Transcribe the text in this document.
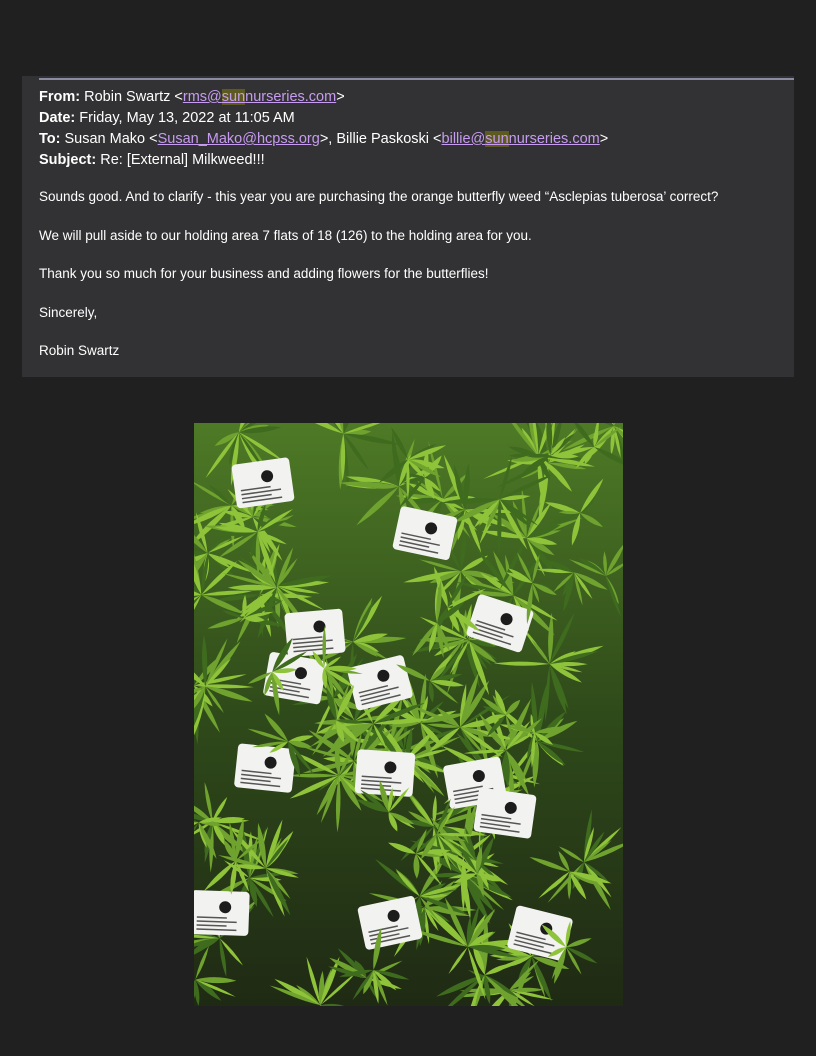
From: Robin Swartz <rms@sunnurseries.com>
Date: Friday, May 13, 2022 at 11:05 AM
To: Susan Mako <Susan_Mako@hcpss.org>, Billie Paskoski <billie@sunnurseries.com>
Subject: Re: [External] Milkweed!!!

Sounds good. And to clarify - this year you are purchasing the orange butterfly weed “Asclepias tuberosa’ correct?

We will pull aside to our holding area 7 flats of 18 (126) to the holding area for you.

Thank you so much for your business and adding flowers for the butterflies!

Sincerely,

Robin Swartz
